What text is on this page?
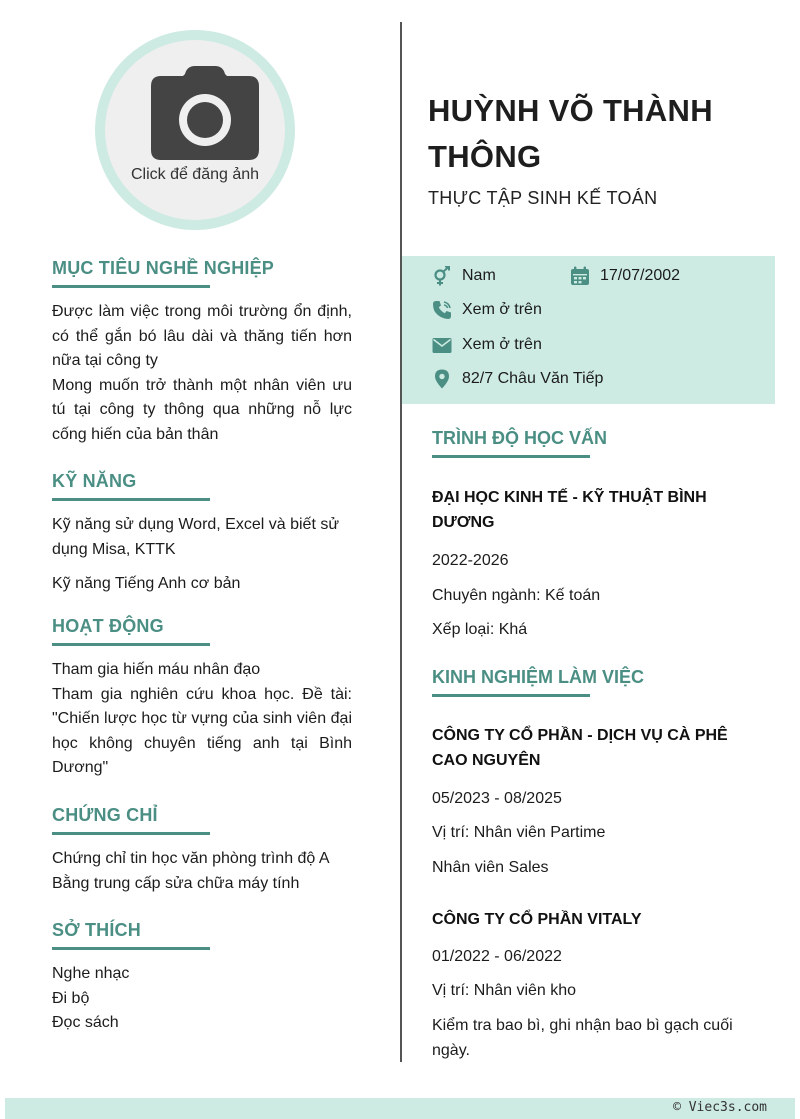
Click để đăng ảnh
MỤC TIÊU NGHỀ NGHIỆP

Được làm việc trong môi trường ổn định, có thể gắn bó lâu dài và thăng tiến hơn nữa tại công ty

Mong muốn trở thành một nhân viên ưu tú tại công ty thông qua những nỗ lực cống hiến của bản thân

KỸ NĂNG

Kỹ năng sử dụng Word, Excel và biết sử dụng Misa, KTTK

Kỹ năng Tiếng Anh cơ bản

HOẠT ĐỘNG

Tham gia hiến máu nhân đạo

Tham gia nghiên cứu khoa học. Đề tài: "Chiến lược học từ vựng của sinh viên đại học không chuyên tiếng anh tại Bình Dương"

CHỨNG CHỈ

Chứng chỉ tin học văn phòng trình độ A

Bằng trung cấp sửa chữa máy tính

SỞ THÍCH

Nghe nhạc

Đi bộ

Đọc sách

HUỲNH VÕ THÀNH THÔNG
THỰC TẬP SINH KẾ TOÁN
Nam	17/07/2002
Xem ở trên
Xem ở trên
82/7 Châu Văn Tiếp
TRÌNH ĐỘ HỌC VẤN

ĐẠI HỌC KINH TẾ - KỸ THUẬT BÌNH DƯƠNG

2022-2026

Chuyên ngành: Kế toán

Xếp loại: Khá

KINH NGHIỆM LÀM VIỆC

CÔNG TY CỔ PHẦN - DỊCH VỤ CÀ PHÊ CAO NGUYÊN

05/2023 - 08/2025

Vị trí: Nhân viên Partime

Nhân viên Sales

CÔNG TY CỔ PHẦN VITALY

01/2022 - 06/2022

Vị trí: Nhân viên kho

Kiểm tra bao bì, ghi nhận bao bì gạch cuối ngày.

© Viec3s.com
